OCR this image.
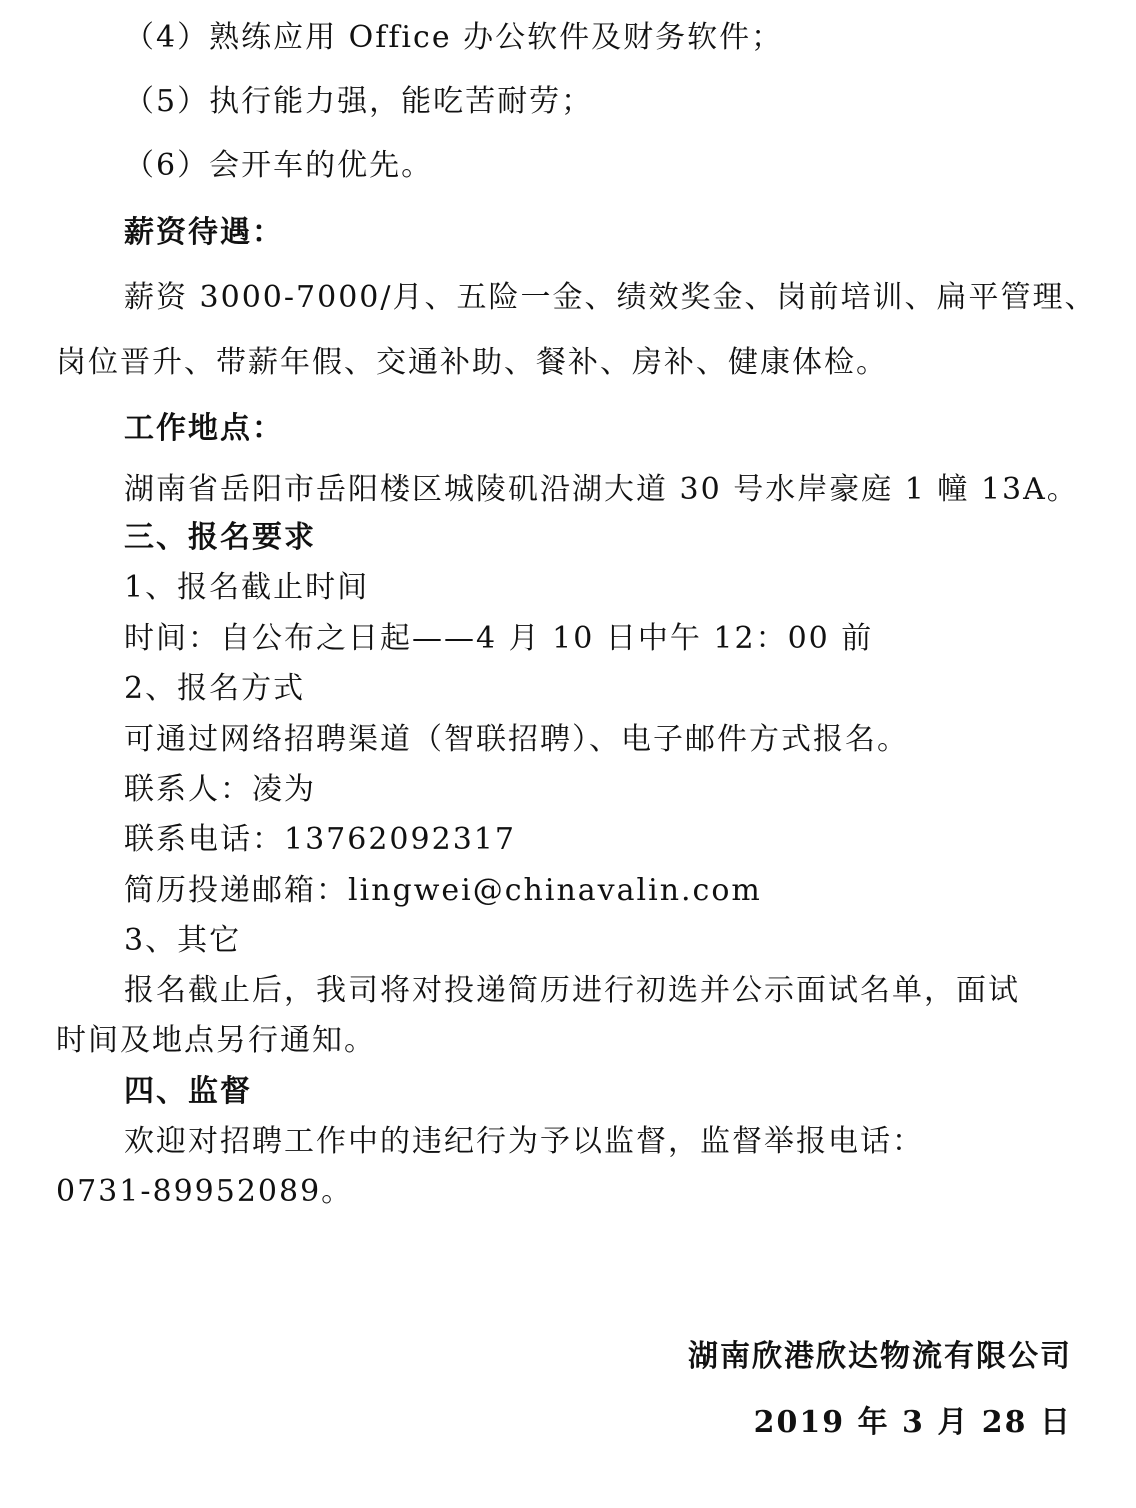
（4）熟练应用 Office 办公软件及财务软件；
（5）执行能力强，能吃苦耐劳；
（6）会开车的优先。
薪资待遇：
薪资 3000-7000/月、五险一金、绩效奖金、岗前培训、扁平管理、
岗位晋升、带薪年假、交通补助、餐补、房补、健康体检。
工作地点：
湖南省岳阳市岳阳楼区城陵矶沿湖大道 30 号水岸豪庭 1 幢 13A。
三、报名要求
1、报名截止时间
时间：自公布之日起——4 月 10 日中午 12：00 前
2、报名方式
可通过网络招聘渠道（智联招聘）、电子邮件方式报名。
联系人：凌为
联系电话：13762092317
简历投递邮箱：lingwei@chinavalin.com
3、其它
报名截止后，我司将对投递简历进行初选并公示面试名单，面试
时间及地点另行通知。
四、监督
欢迎对招聘工作中的违纪行为予以监督，监督举报电话：
0731-89952089。
湖南欣港欣达物流有限公司
2019 年 3 月 28 日
